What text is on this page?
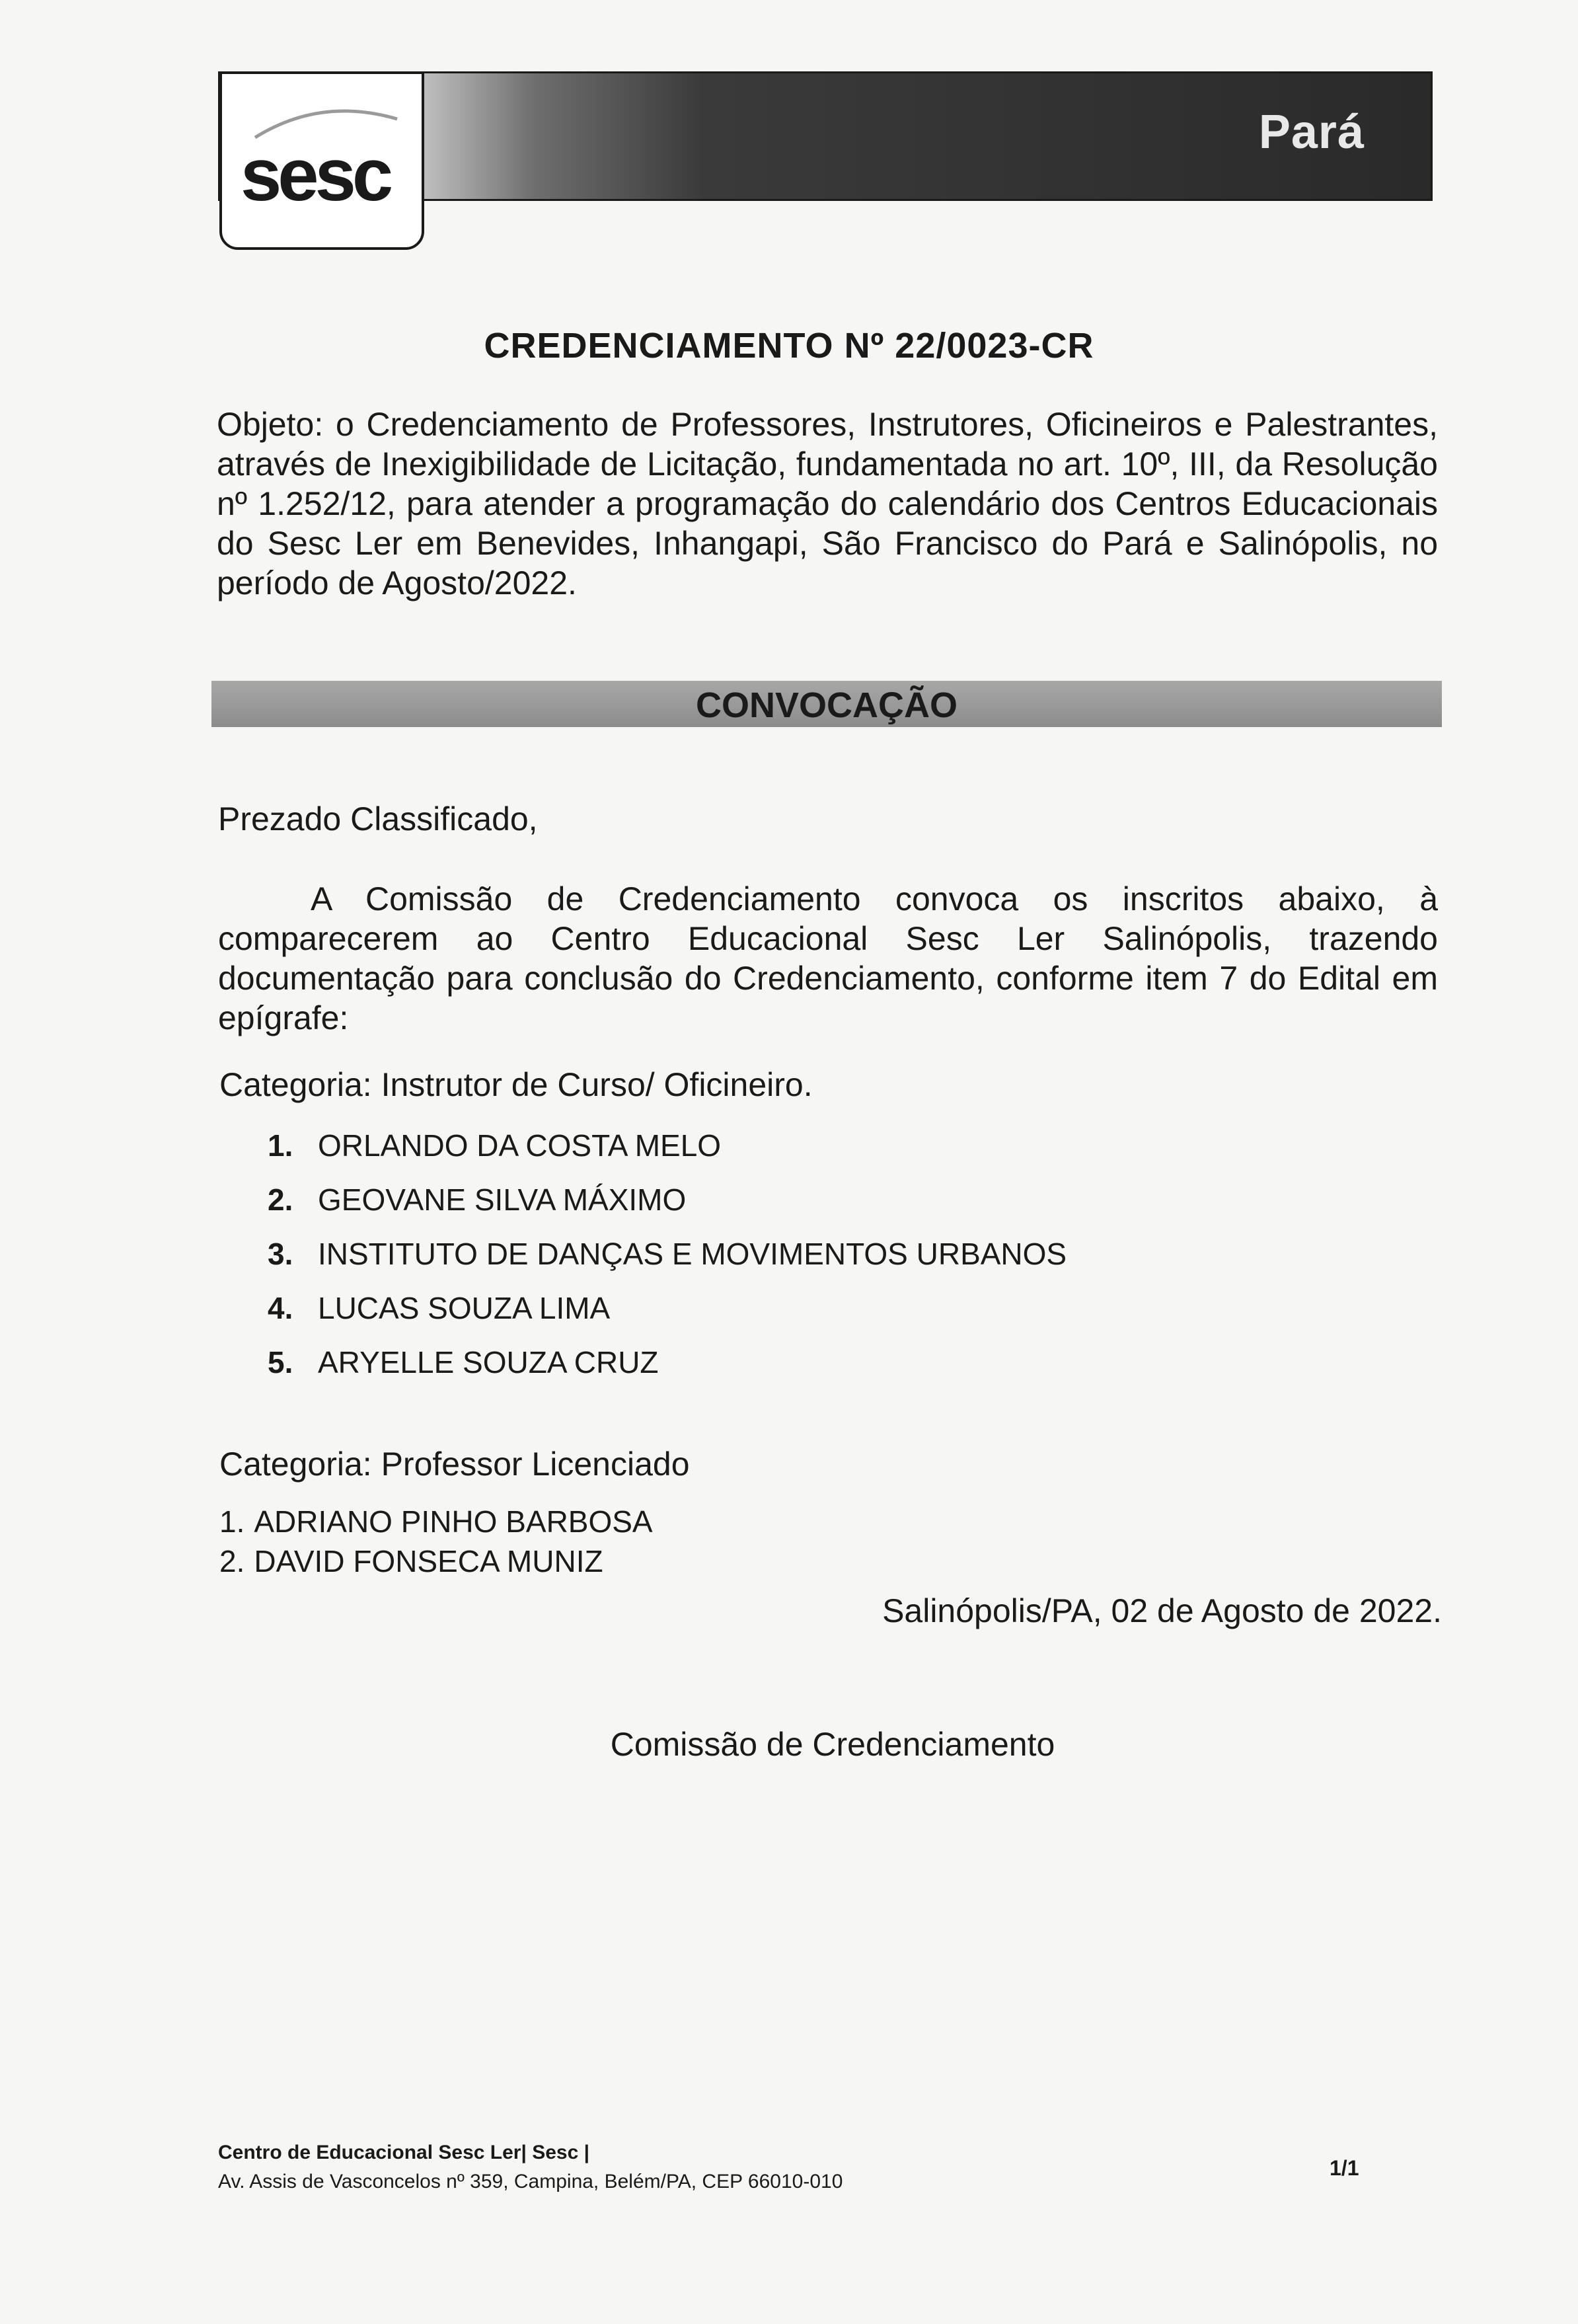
Pará
sesc
CREDENCIAMENTO Nº 22/0023-CR
Objeto: o Credenciamento de Professores, Instrutores, Oficineiros e Palestrantes, através de Inexigibilidade de Licitação, fundamentada no art. 10º, III, da Resolução nº 1.252/12, para atender a programação do calendário dos Centros Educacionais do Sesc Ler em Benevides, Inhangapi, São Francisco do Pará e Salinópolis, no período de Agosto/2022.
CONVOCAÇÃO
Prezado Classificado,
A Comissão de Credenciamento convoca os inscritos abaixo, à comparecerem ao Centro Educacional Sesc Ler Salinópolis, trazendo documentação para conclusão do Credenciamento, conforme item 7 do Edital em epígrafe:
Categoria: Instrutor de Curso/ Oficineiro.
1. ORLANDO DA COSTA MELO
2. GEOVANE SILVA MÁXIMO
3. INSTITUTO DE DANÇAS E MOVIMENTOS URBANOS
4. LUCAS SOUZA LIMA
5. ARYELLE SOUZA CRUZ
Categoria: Professor Licenciado
1. ADRIANO PINHO BARBOSA
2. DAVID FONSECA MUNIZ
Salinópolis/PA, 02 de Agosto de 2022.
Comissão de Credenciamento
Centro de Educacional Sesc Ler| Sesc |
Av. Assis de Vasconcelos nº 359, Campina, Belém/PA, CEP 66010-010
1/1
